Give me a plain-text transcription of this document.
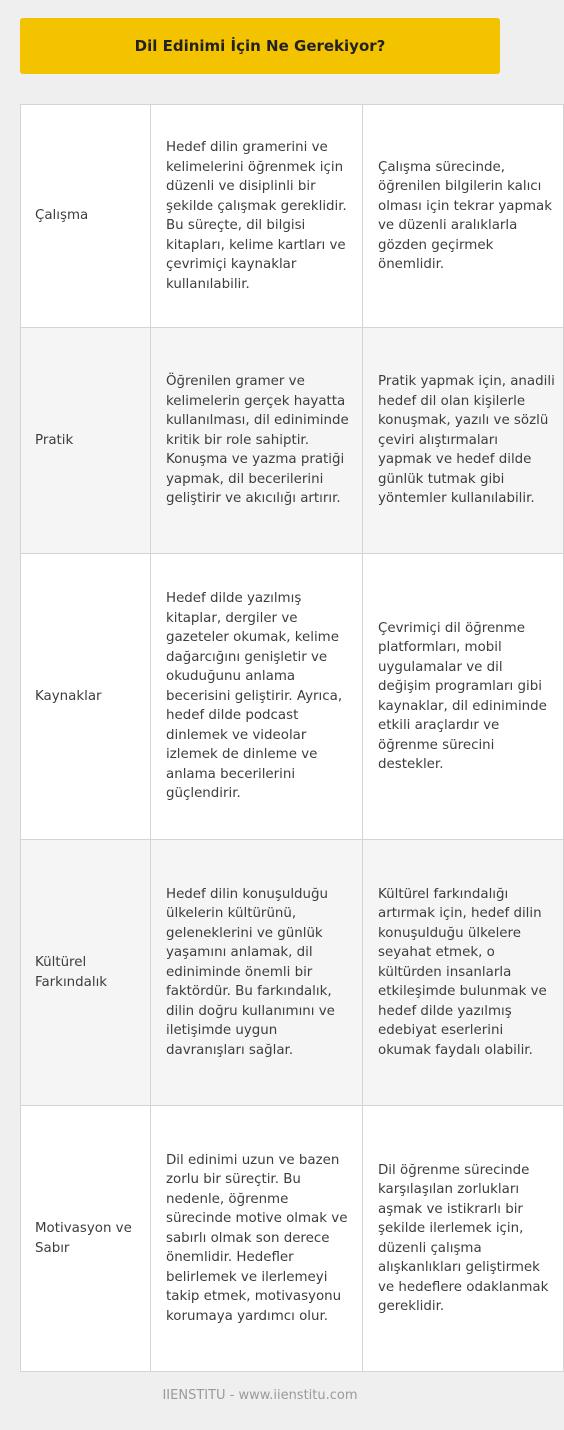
Dil Edinimi İçin Ne Gerekiyor?
Çalışma	Hedef dilin gramerini ve kelimelerini öğrenmek için düzenli ve disiplinli bir şekilde çalışmak gereklidir. Bu süreçte, dil bilgisi kitapları, kelime kartları ve çevrimiçi kaynaklar kullanılabilir.	Çalışma sürecinde, öğrenilen bilgilerin kalıcı olması için tekrar yapmak ve düzenli aralıklarla gözden geçirmek önemlidir.
Pratik	Öğrenilen gramer ve kelimelerin gerçek hayatta kullanılması, dil ediniminde kritik bir role sahiptir. Konuşma ve yazma pratiği yapmak, dil becerilerini geliştirir ve akıcılığı artırır.	Pratik yapmak için, anadili hedef dil olan kişilerle konuşmak, yazılı ve sözlü çeviri alıştırmaları yapmak ve hedef dilde günlük tutmak gibi yöntemler kullanılabilir.
Kaynaklar	Hedef dilde yazılmış kitaplar, dergiler ve gazeteler okumak, kelime dağarcığını genişletir ve okuduğunu anlama becerisini geliştirir. Ayrıca, hedef dilde podcast dinlemek ve videolar izlemek de dinleme ve anlama becerilerini güçlendirir.	Çevrimiçi dil öğrenme platformları, mobil uygulamalar ve dil değişim programları gibi kaynaklar, dil ediniminde etkili araçlardır ve öğrenme sürecini destekler.
Kültürel Farkındalık	Hedef dilin konuşulduğu ülkelerin kültürünü, geleneklerini ve günlük yaşamını anlamak, dil ediniminde önemli bir faktördür. Bu farkındalık, dilin doğru kullanımını ve iletişimde uygun davranışları sağlar.	Kültürel farkındalığı artırmak için, hedef dilin konuşulduğu ülkelere seyahat etmek, o kültürden insanlarla etkileşimde bulunmak ve hedef dilde yazılmış edebiyat eserlerini okumak faydalı olabilir.
Motivasyon ve Sabır	Dil edinimi uzun ve bazen zorlu bir süreçtir. Bu nedenle, öğrenme sürecinde motive olmak ve sabırlı olmak son derece önemlidir. Hedefler belirlemek ve ilerlemeyi takip etmek, motivasyonu korumaya yardımcı olur.	Dil öğrenme sürecinde karşılaşılan zorlukları aşmak ve istikrarlı bir şekilde ilerlemek için, düzenli çalışma alışkanlıkları geliştirmek ve hedeflere odaklanmak gereklidir.
IIENSTITU - www.iienstitu.com
